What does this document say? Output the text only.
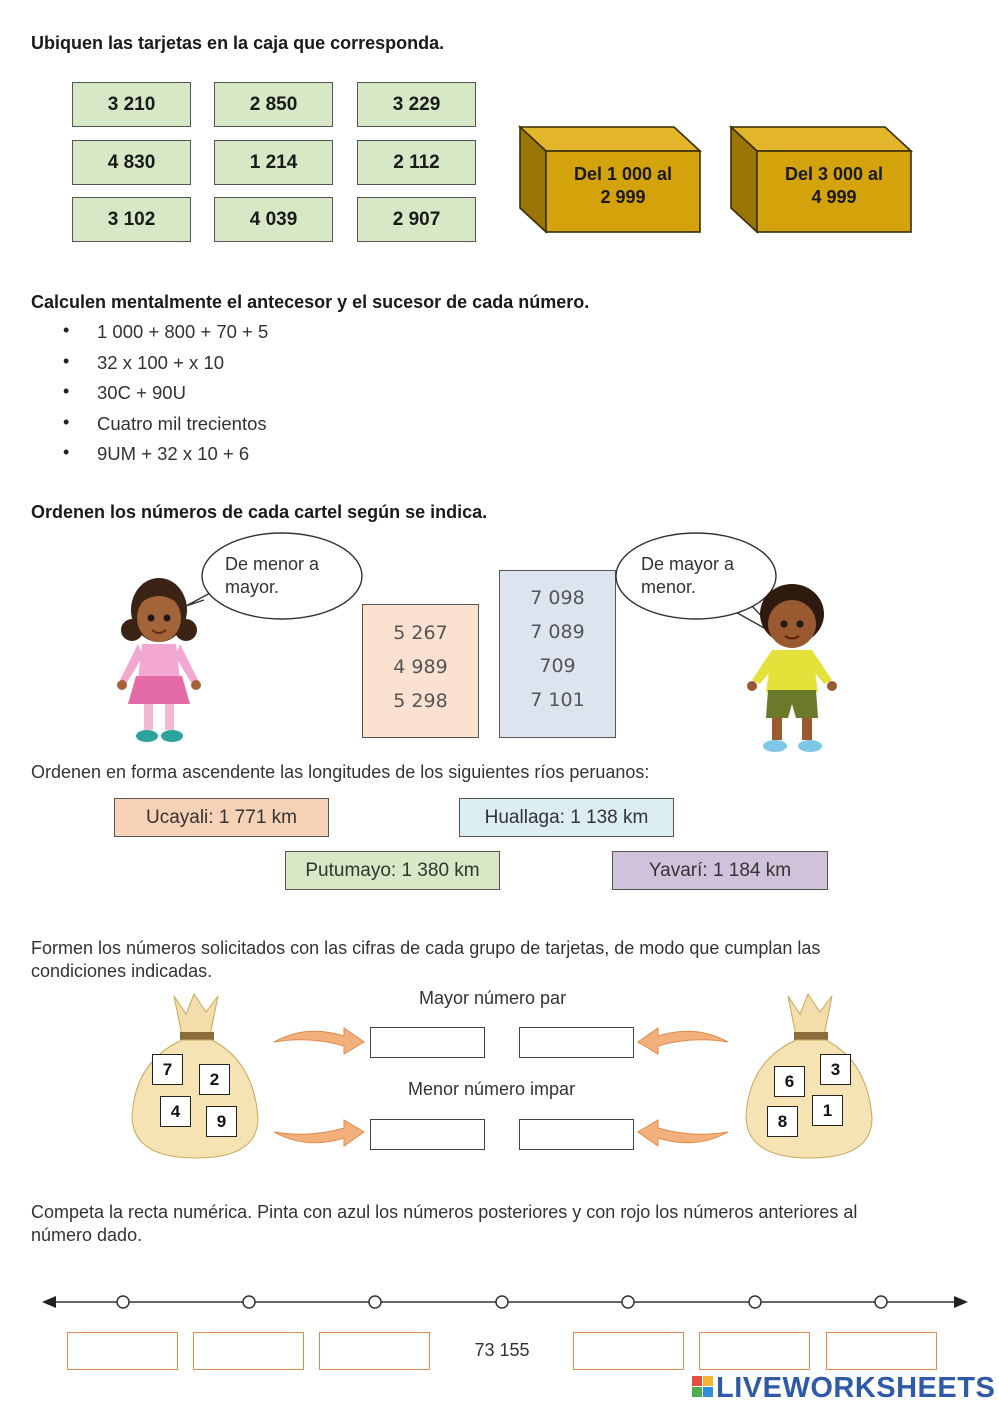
Ubiquen las tarjetas en la caja que corresponda.
3 210	2 850	3 229
4 830	1 214	2 112
3 102	4 039	2 907
Del 1 000 al
2 999
Del 3 000 al
4 999
Calculen mentalmente el antecesor y el sucesor de cada número.
• 1 000 + 800 + 70 + 5
• 32 x 100 + x 10
• 30C + 90U
• Cuatro mil trecientos
• 9UM + 32 x 10 + 6
Ordenen los números de cada cartel según se indica.
De menor a
mayor.
5 267
4 989
5 298
7 098
7 089
709
7 101
De mayor a
menor.
Ordenen en forma ascendente las longitudes de los siguientes ríos peruanos:
Ucayali: 1 771 km	Huallaga: 1 138 km
Putumayo: 1 380 km	Yavarí: 1 184 km
Formen los números solicitados con las cifras de cada grupo de tarjetas, de modo que cumplan las
condiciones indicadas.
7
2
4
9
6
3
8
1
Mayor número par
Menor número impar
Competa la recta numérica. Pinta con azul los números posteriores y con rojo los números anteriores al
número dado.
73 155
LIVEWORKSHEETS
